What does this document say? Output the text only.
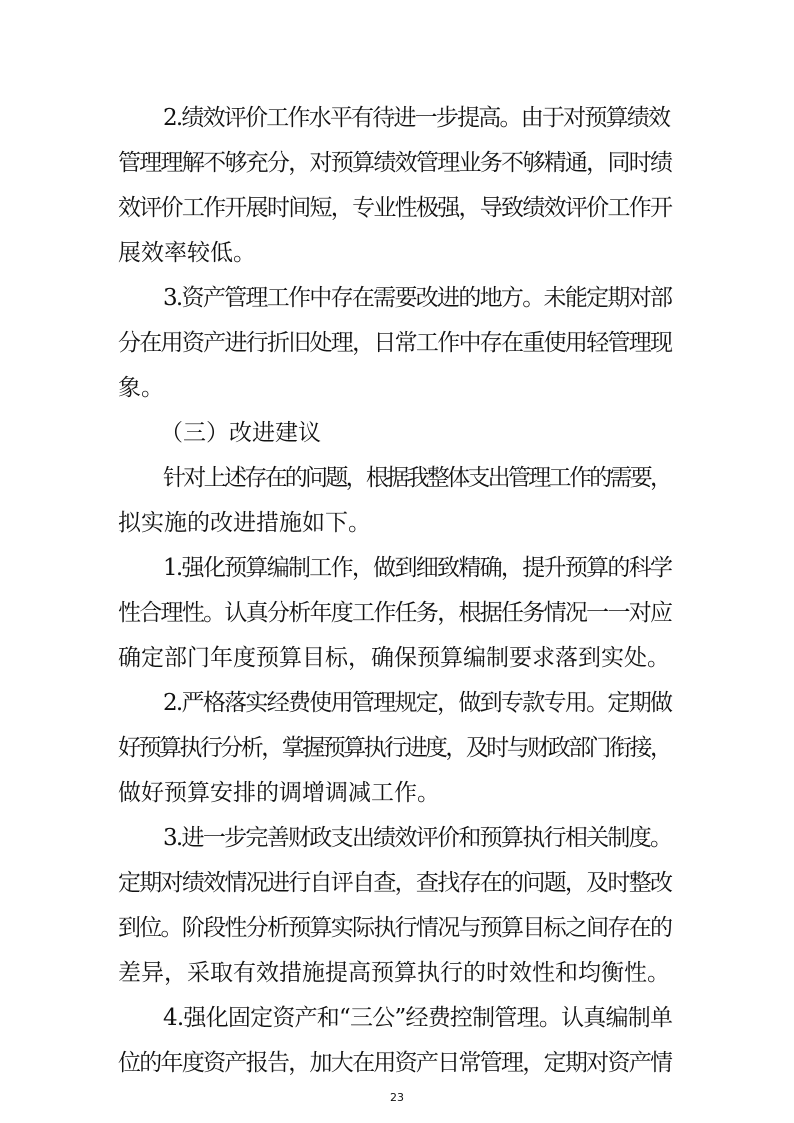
2.绩效评价工作水平有待进一步提高。由于对预算绩效
管理理解不够充分，对预算绩效管理业务不够精通，同时绩
效评价工作开展时间短，专业性极强，导致绩效评价工作开
展效率较低。
3.资产管理工作中存在需要改进的地方。未能定期对部
分在用资产进行折旧处理，日常工作中存在重使用轻管理现
象。
（三）改进建议
针对上述存在的问题，根据我整体支出管理工作的需要，
拟实施的改进措施如下。
1.强化预算编制工作，做到细致精确，提升预算的科学
性合理性。认真分析年度工作任务，根据任务情况一一对应
确定部门年度预算目标，确保预算编制要求落到实处。
2.严格落实经费使用管理规定，做到专款专用。定期做
好预算执行分析，掌握预算执行进度，及时与财政部门衔接，
做好预算安排的调增调减工作。
3.进一步完善财政支出绩效评价和预算执行相关制度。
定期对绩效情况进行自评自查，查找存在的问题，及时整改
到位。阶段性分析预算实际执行情况与预算目标之间存在的
差异，采取有效措施提高预算执行的时效性和均衡性。
4.强化固定资产和“三公”经费控制管理。认真编制单
位的年度资产报告，加大在用资产日常管理，定期对资产情
23
